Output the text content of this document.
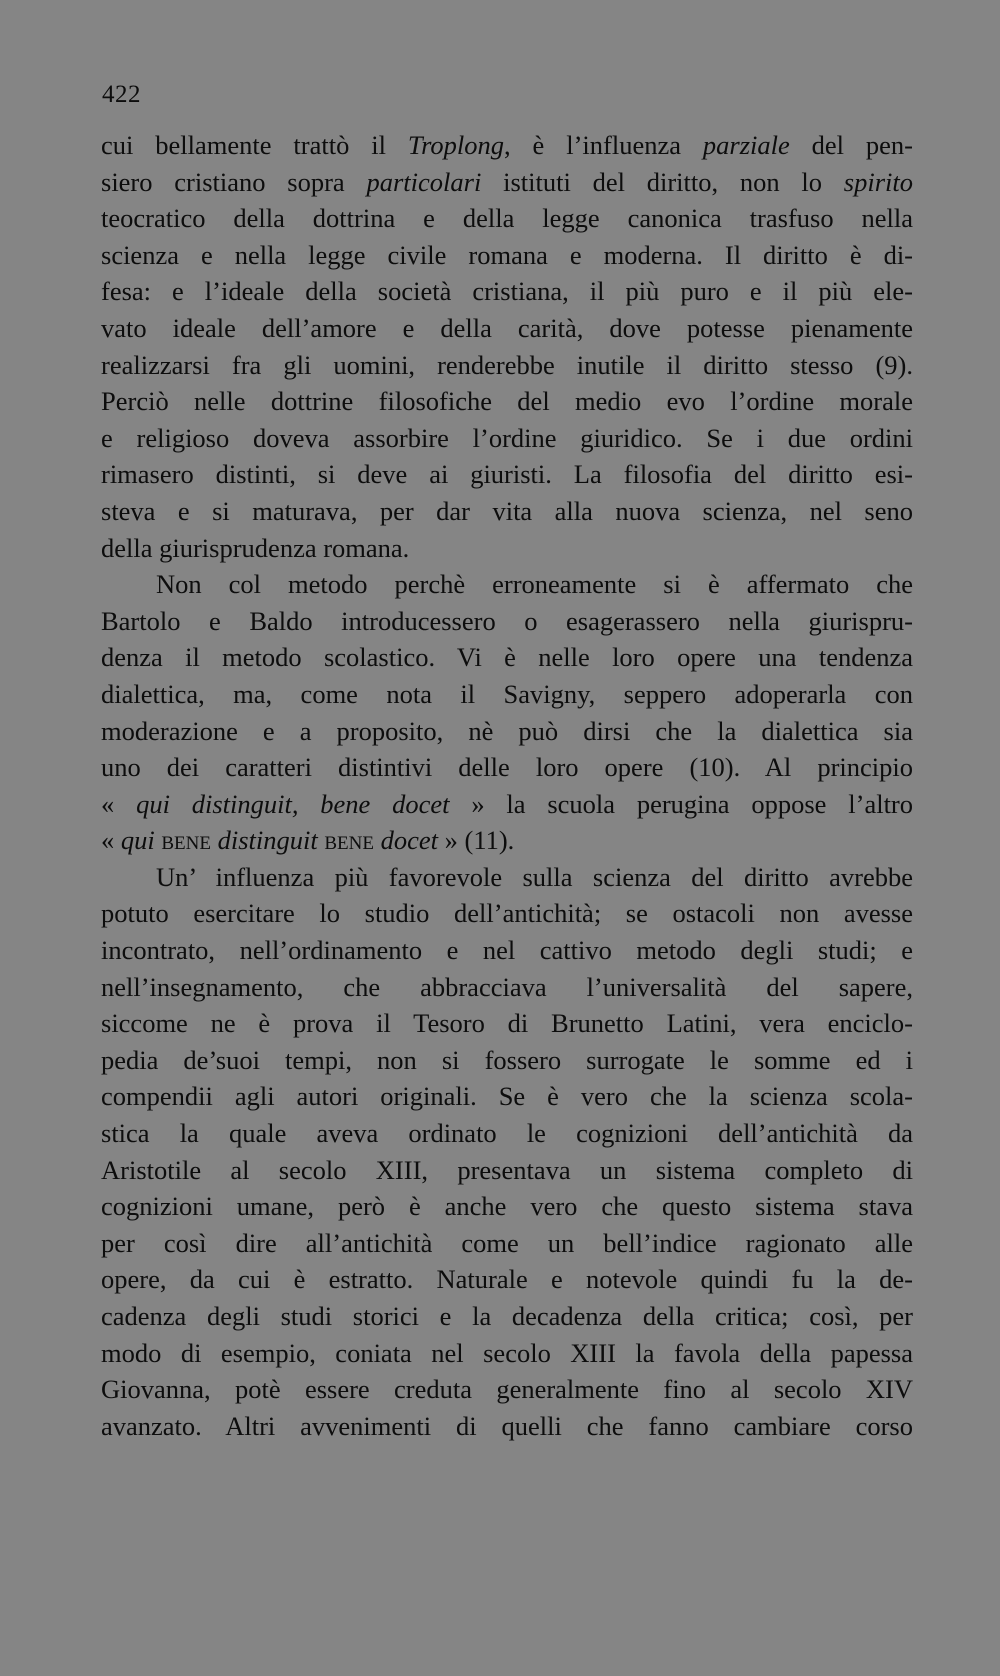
422
cui bellamente trattò il Troplong, è l’influenza parziale del pen-
siero cristiano sopra particolari istituti del diritto, non lo spirito
teocratico della dottrina e della legge canonica trasfuso nella
scienza e nella legge civile romana e moderna. Il diritto è di-
fesa: e l’ideale della società cristiana, il più puro e il più ele-
vato ideale dell’amore e della carità, dove potesse pienamente
realizzarsi fra gli uomini, renderebbe inutile il diritto stesso (9).
Perciò nelle dottrine filosofiche del medio evo l’ordine morale
e religioso doveva assorbire l’ordine giuridico. Se i due ordini
rimasero distinti, si deve ai giuristi. La filosofia del diritto esi-
steva e si maturava, per dar vita alla nuova scienza, nel seno
della giurisprudenza romana.
Non col metodo perchè erroneamente si è affermato che
Bartolo e Baldo introducessero o esagerassero nella giurispru-
denza il metodo scolastico. Vi è nelle loro opere una tendenza
dialettica, ma, come nota il Savigny, seppero adoperarla con
moderazione e a proposito, nè può dirsi che la dialettica sia
uno dei caratteri distintivi delle loro opere (10). Al principio
« qui distinguit, bene docet » la scuola perugina oppose l’altro
« qui bene distinguit bene docet » (11).
Un’ influenza più favorevole sulla scienza del diritto avrebbe
potuto esercitare lo studio dell’antichità; se ostacoli non avesse
incontrato, nell’ordinamento e nel cattivo metodo degli studi; e
nell’insegnamento, che abbracciava l’universalità del sapere,
siccome ne è prova il Tesoro di Brunetto Latini, vera enciclo-
pedia de’suoi tempi, non si fossero surrogate le somme ed i
compendii agli autori originali. Se è vero che la scienza scola-
stica la quale aveva ordinato le cognizioni dell’antichità da
Aristotile al secolo XIII, presentava un sistema completo di
cognizioni umane, però è anche vero che questo sistema stava
per così dire all’antichità come un bell’indice ragionato alle
opere, da cui è estratto. Naturale e notevole quindi fu la de-
cadenza degli studi storici e la decadenza della critica; così, per
modo di esempio, coniata nel secolo XIII la favola della papessa
Giovanna, potè essere creduta generalmente fino al secolo XIV
avanzato. Altri avvenimenti di quelli che fanno cambiare corso
